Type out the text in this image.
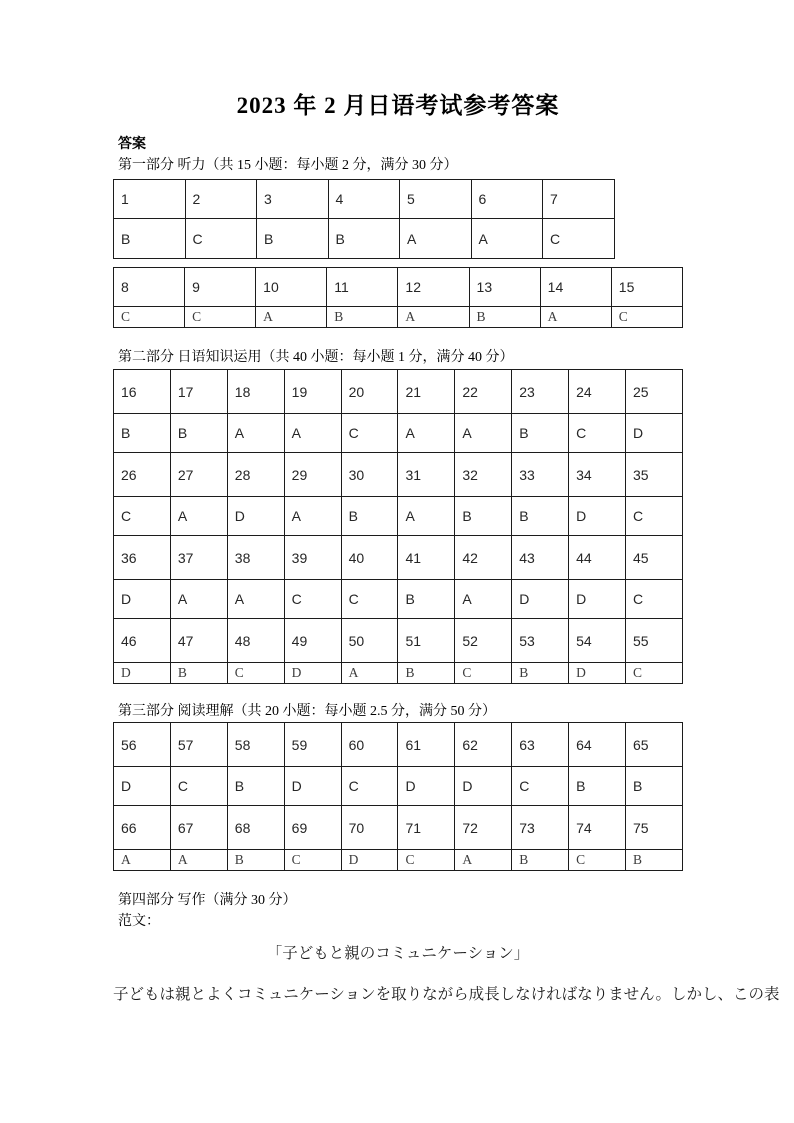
2023 年 2 月日语考试参考答案
答案
第一部分 听力（共 15 小题：每小题 2 分，满分 30 分）
1	2	3	4	5	6	7
B	C	B	B	A	A	C
8	9	10	11	12	13	14	15
C	C	A	B	A	B	A	C
第二部分 日语知识运用（共 40 小题：每小题 1 分，满分 40 分）
16	17	18	19	20	21	22	23	24	25
B	B	A	A	C	A	A	B	C	D
26	27	28	29	30	31	32	33	34	35
C	A	D	A	B	A	B	B	D	C
36	37	38	39	40	41	42	43	44	45
D	A	A	C	C	B	A	D	D	C
46	47	48	49	50	51	52	53	54	55
D	B	C	D	A	B	C	B	D	C
第三部分 阅读理解（共 20 小题：每小题 2.5 分，满分 50 分）
56	57	58	59	60	61	62	63	64	65
D	C	B	D	C	D	D	C	B	B
66	67	68	69	70	71	72	73	74	75
A	A	B	C	D	C	A	B	C	B
第四部分 写作（满分 30 分）
范文：
「子どもと親のコミュニケーション」
子どもは親とよくコミュニケーションを取りながら成長しなければなりません。しかし、この表
